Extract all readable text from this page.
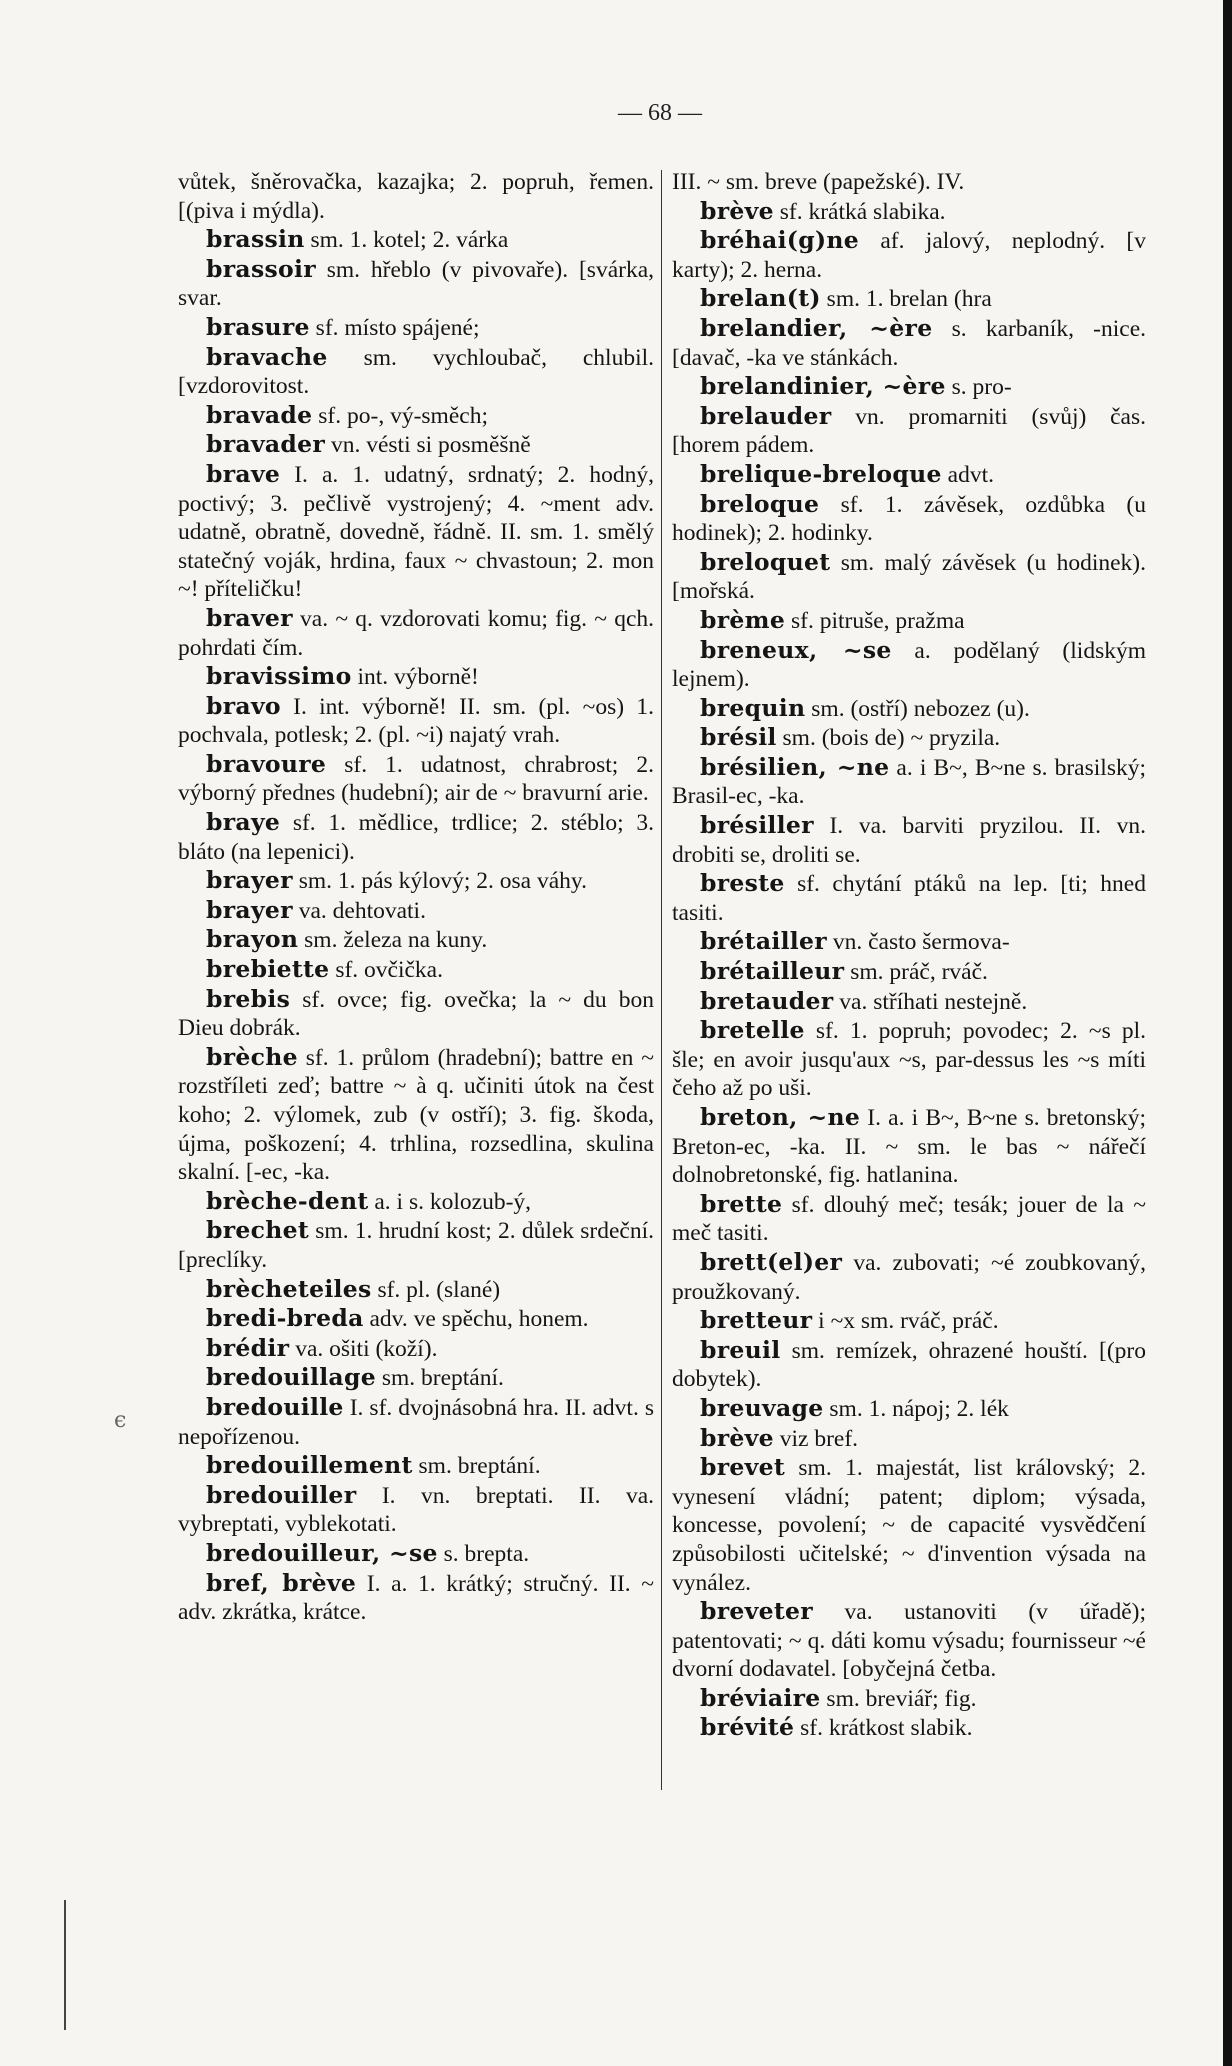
— 68 —

vůtek, šněrovačka, kazajka; 2. popruh, řemen. [(piva i mýdla).

brassin sm. 1. kotel; 2. várka

brassoir sm. hřeblo (v pivovaře). [svárka, svar.

brasure sf. místo spájené;

bravache sm. vychloubač, chlubil. [vzdorovitost.

bravade sf. po-, vý-směch;

bravader vn. vésti si posměšně

brave I. a. 1. udatný, srdnatý; 2. hodný, poctivý; 3. pečlivě vystrojený; 4. ~ment adv. udatně, obratně, dovedně, řádně. II. sm. 1. smělý statečný voják, hrdina, faux ~ chvastoun; 2. mon ~! příteličku!

braver va. ~ q. vzdorovati komu; fig. ~ qch. pohrdati čím.

bravissimo int. výborně!

bravo I. int. výborně! II. sm. (pl. ~os) 1. pochvala, potlesk; 2. (pl. ~i) najatý vrah.

bravoure sf. 1. udatnost, chrabrost; 2. výborný přednes (hudební); air de ~ bravurní arie.

braye sf. 1. mědlice, trdlice; 2. stéblo; 3. bláto (na lepenici).

brayer sm. 1. pás kýlový; 2. osa váhy.

brayer va. dehtovati.

brayon sm. železa na kuny.

brebiette sf. ovčička.

brebis sf. ovce; fig. ovečka; la ~ du bon Dieu dobrák.

brèche sf. 1. průlom (hradební); battre en ~ rozstříleti zeď; battre ~ à q. učiniti útok na čest koho; 2. výlomek, zub (v ostří); 3. fig. škoda, újma, poškození; 4. trhlina, rozsedlina, skulina skalní. [-ec, -ka.

brèche-dent a. i s. kolozub-ý,

brechet sm. 1. hrudní kost; 2. důlek srdeční. [preclíky.

brècheteiles sf. pl. (slané)

bredi-breda adv. ve spěchu, honem.

brédir va. ošiti (koží).

bredouillage sm. breptání.

bredouille I. sf. dvojnásobná hra. II. advt. s nepořízenou.

bredouillement sm. breptání.

bredouiller I. vn. breptati. II. va. vybreptati, vyblekotati.

bredouilleur, ~se s. brepta.

bref, brève I. a. 1. krátký; stručný. II. ~ adv. zkrátka, krátce.

III. ~ sm. breve (papežské). IV.

brève sf. krátká slabika.

bréhai(g)ne af. jalový, neplodný. [v karty); 2. herna.

brelan(t) sm. 1. brelan (hra

brelandier, ~ère s. karbaník, -nice. [davač, -ka ve stánkách.

brelandinier, ~ère s. pro-

brelauder vn. promarniti (svůj) čas. [horem pádem.

brelique-breloque advt.

breloque sf. 1. závěsek, ozdůbka (u hodinek); 2. hodinky.

breloquet sm. malý závěsek (u hodinek). [mořská.

brème sf. pitruše, pražma

breneux, ~se a. podělaný (lidským lejnem).

brequin sm. (ostří) nebozez (u).

brésil sm. (bois de) ~ pryzila.

brésilien, ~ne a. i B~, B~ne s. brasilský; Brasil-ec, -ka.

brésiller I. va. barviti pryzilou. II. vn. drobiti se, droliti se.

breste sf. chytání ptáků na lep. [ti; hned tasiti.

brétailler vn. často šermova-

brétailleur sm. práč, rváč.

bretauder va. stříhati nestejně.

bretelle sf. 1. popruh; povodec; 2. ~s pl. šle; en avoir jusqu'aux ~s, par-dessus les ~s míti čeho až po uši.

breton, ~ne I. a. i B~, B~ne s. bretonský; Breton-ec, -ka. II. ~ sm. le bas ~ nářečí dolnobretonské, fig. hatlanina.

brette sf. dlouhý meč; tesák; jouer de la ~ meč tasiti.

brett(el)er va. zubovati; ~é zoubkovaný, proužkovaný.

bretteur i ~x sm. rváč, práč.

breuil sm. remízek, ohrazené houští. [(pro dobytek).

breuvage sm. 1. nápoj; 2. lék

brève viz bref.

brevet sm. 1. majestát, list královský; 2. vynesení vládní; patent; diplom; výsada, koncesse, povolení; ~ de capacité vysvědčení způsobilosti učitelské; ~ d'invention výsada na vynález.

breveter va. ustanoviti (v úřadě); patentovati; ~ q. dáti komu výsadu; fournisseur ~é dvorní dodavatel. [obyčejná četba.

bréviaire sm. breviář; fig.

brévité sf. krátkost slabik.

ϵ
